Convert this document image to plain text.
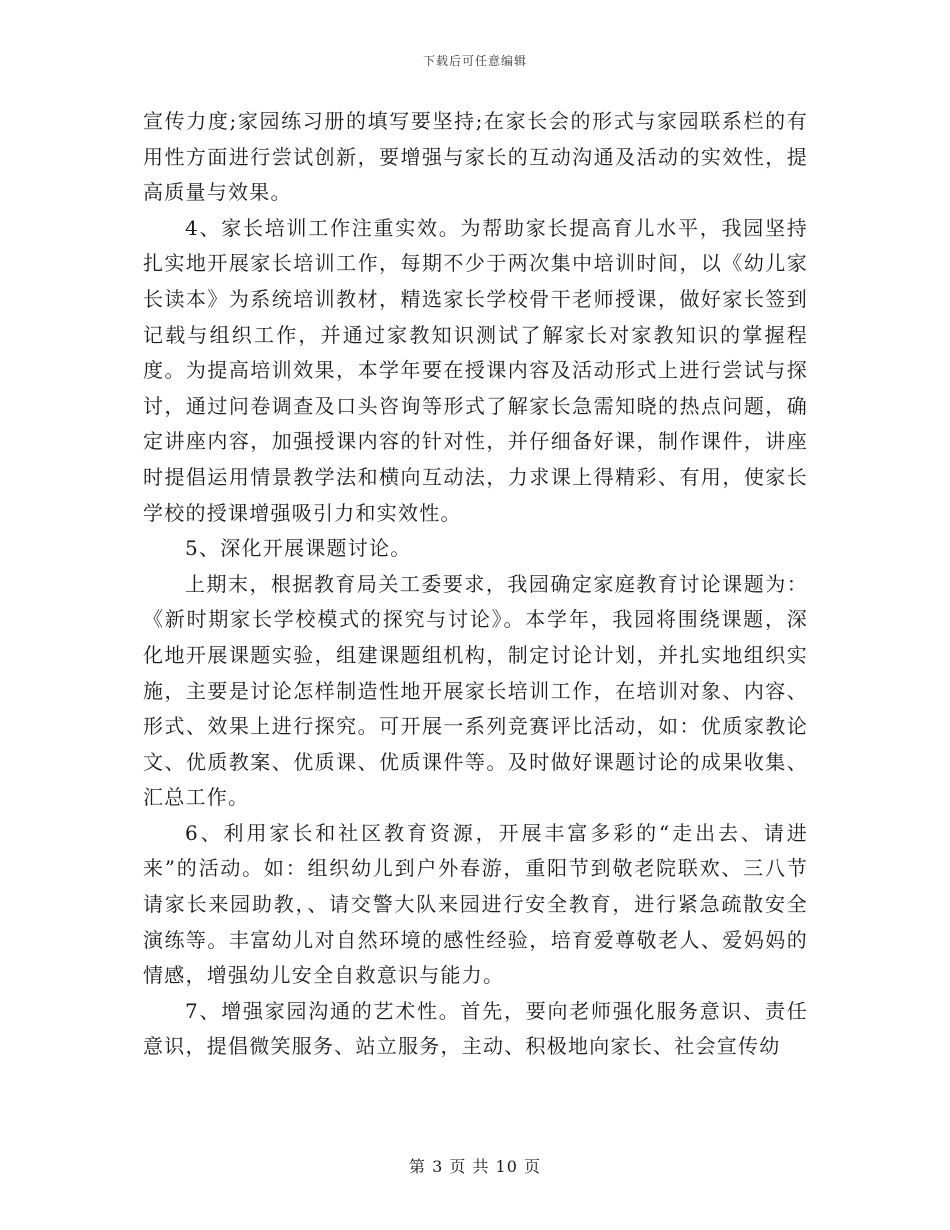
下载后可任意编辑

宣传力度;家园练习册的填写要坚持;在家长会的形式与家园联系栏的有用性方面进行尝试创新，要增强与家长的互动沟通及活动的实效性，提高质量与效果。

4、家长培训工作注重实效。为帮助家长提高育儿水平，我园坚持扎实地开展家长培训工作，每期不少于两次集中培训时间，以《幼儿家长读本》为系统培训教材，精选家长学校骨干老师授课，做好家长签到记载与组织工作，并通过家教知识测试了解家长对家教知识的掌握程度。为提高培训效果，本学年要在授课内容及活动形式上进行尝试与探讨，通过问卷调查及口头咨询等形式了解家长急需知晓的热点问题，确定讲座内容，加强授课内容的针对性，并仔细备好课，制作课件，讲座时提倡运用情景教学法和横向互动法，力求课上得精彩、有用，使家长学校的授课增强吸引力和实效性。

5、深化开展课题讨论。

上期末，根据教育局关工委要求，我园确定家庭教育讨论课题为：《新时期家长学校模式的探究与讨论》。本学年，我园将围绕课题，深化地开展课题实验，组建课题组机构，制定讨论计划，并扎实地组织实施，主要是讨论怎样制造性地开展家长培训工作，在培训对象、内容、形式、效果上进行探究。可开展一系列竞赛评比活动，如：优质家教论文、优质教案、优质课、优质课件等。及时做好课题讨论的成果收集、汇总工作。

6、利用家长和社区教育资源，开展丰富多彩的“走出去、请进来”的活动。如：组织幼儿到户外春游，重阳节到敬老院联欢、三八节请家长来园助教，、请交警大队来园进行安全教育，进行紧急疏散安全演练等。丰富幼儿对自然环境的感性经验，培育爱尊敬老人、爱妈妈的情感，增强幼儿安全自救意识与能力。

7、增强家园沟通的艺术性。首先，要向老师强化服务意识、责任意识，提倡微笑服务、站立服务，主动、积极地向家长、社会宣传幼

第 3 页 共 10 页
